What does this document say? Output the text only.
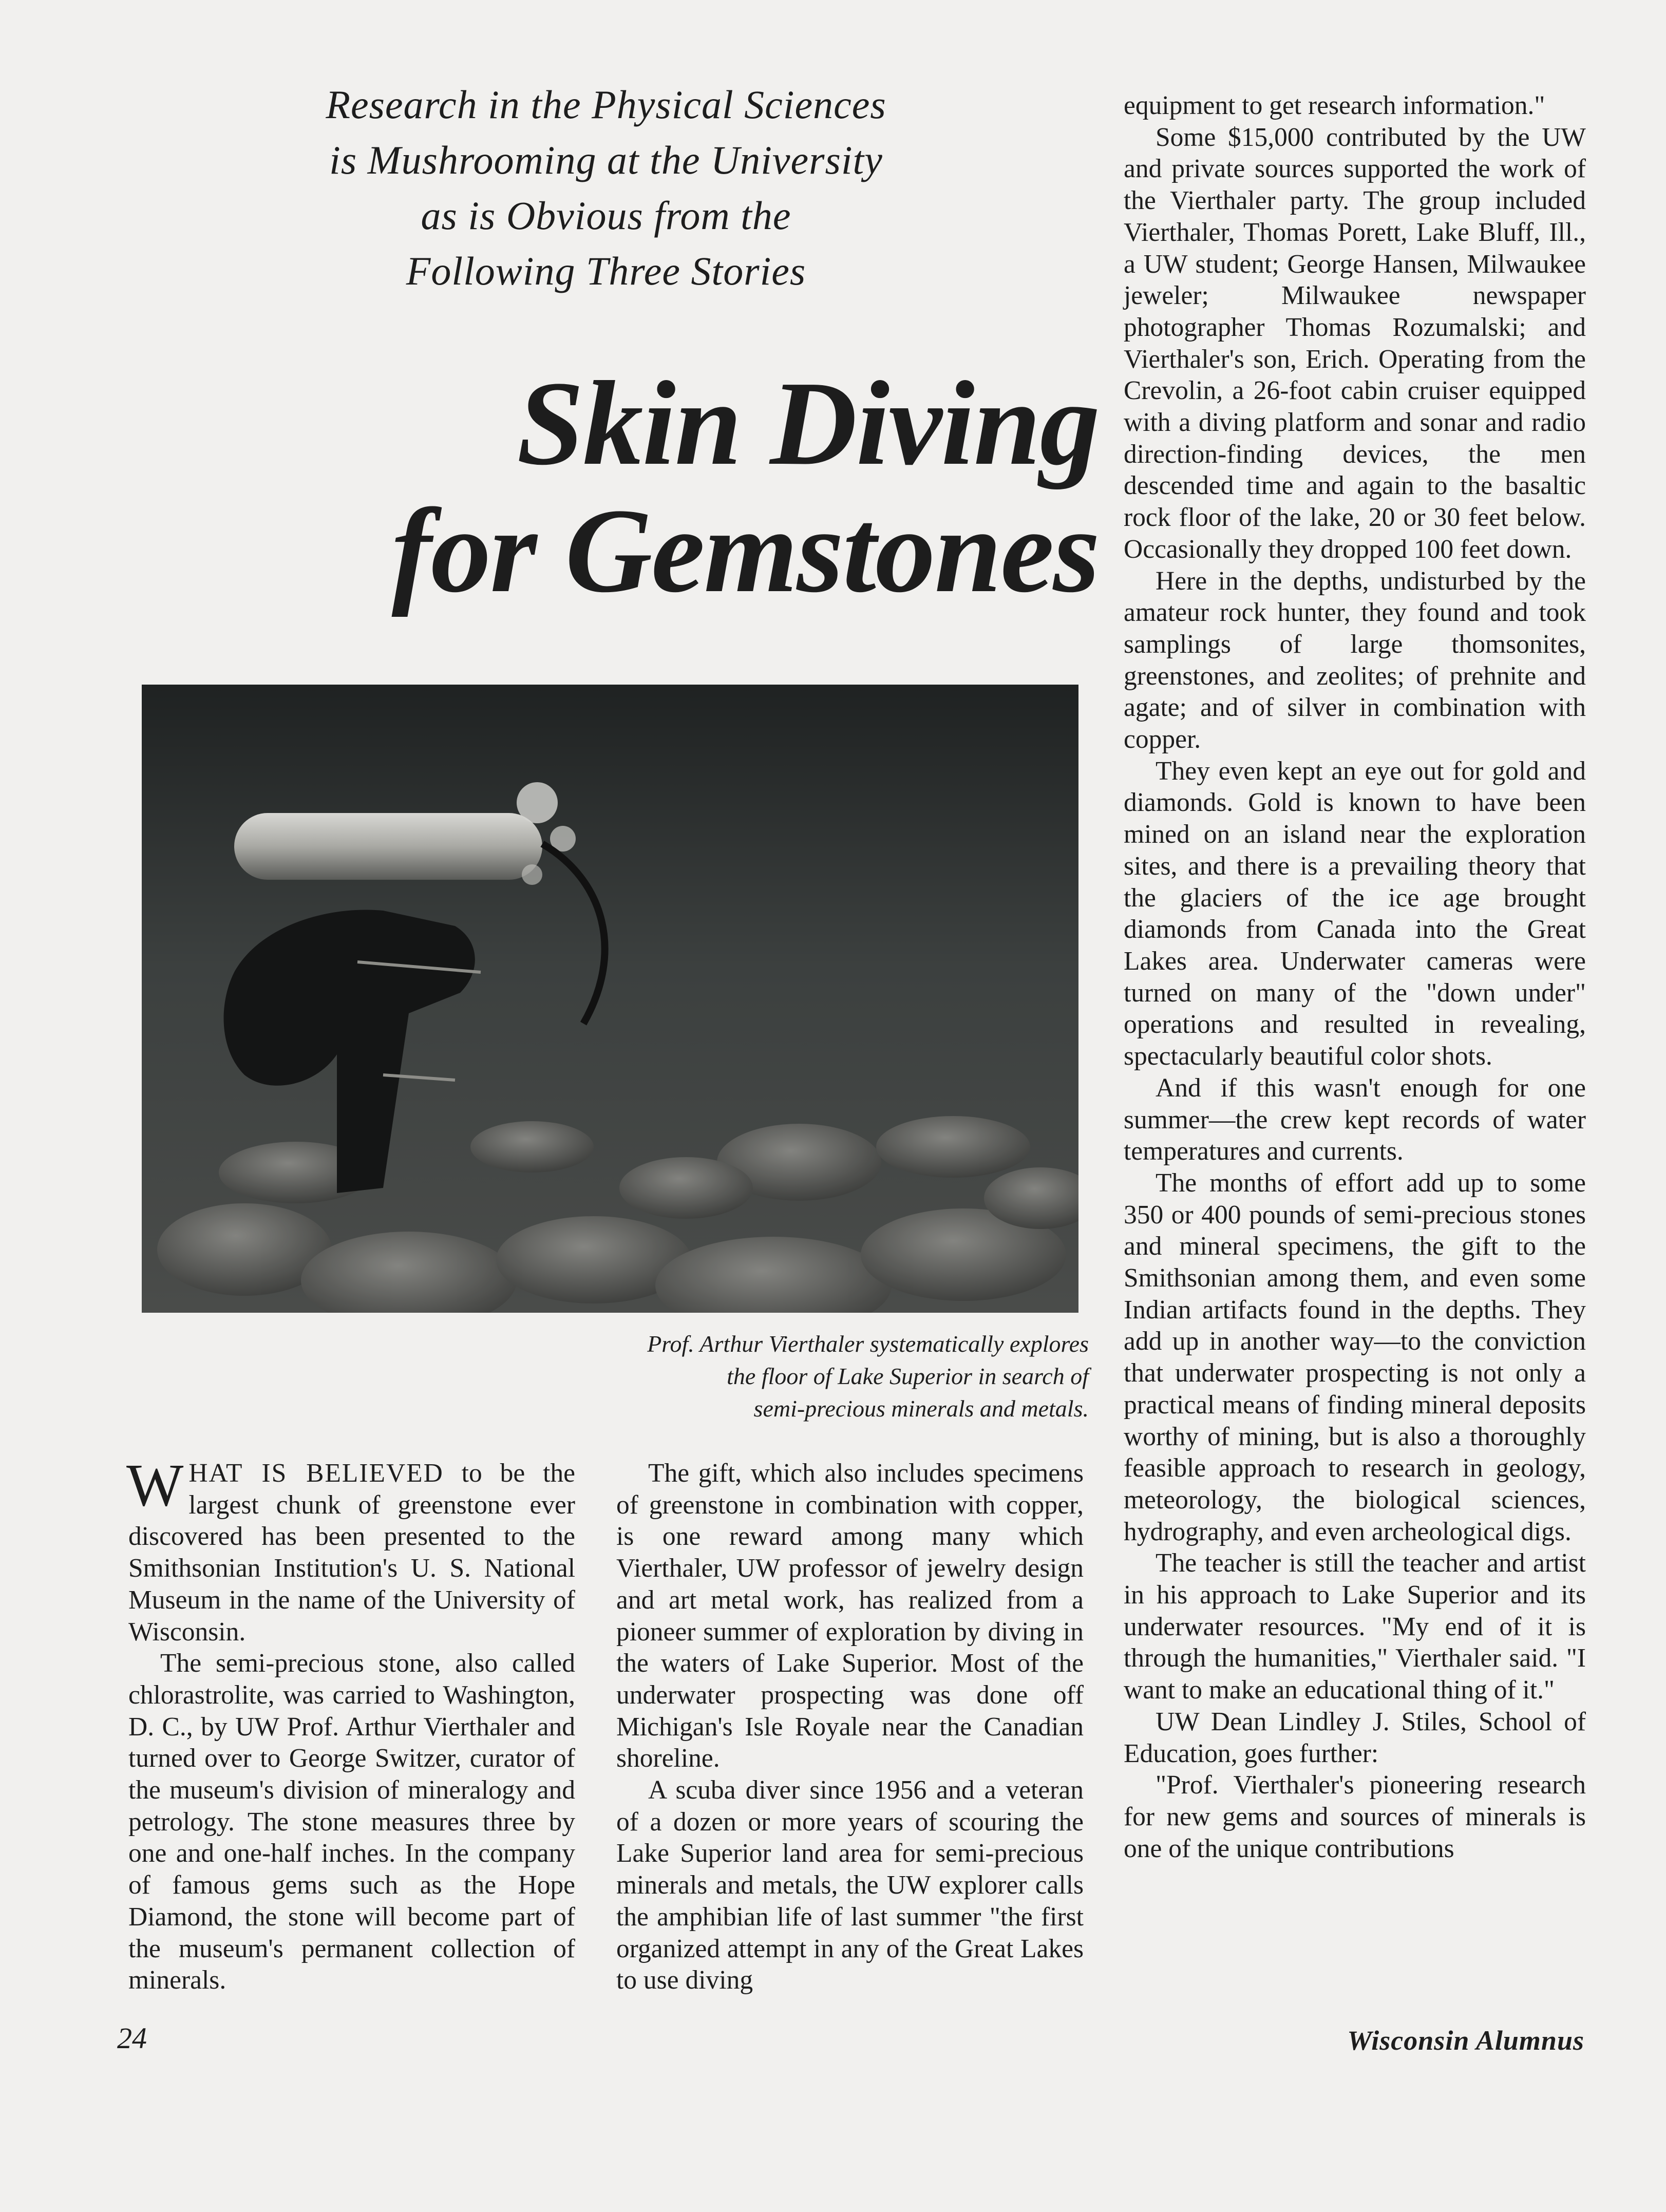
Research in the Physical Sciences
is Mushrooming at the University
as is Obvious from the
Following Three Stories
Skin Diving
for Gemstones
Prof. Arthur Vierthaler systematically explores
the floor of Lake Superior in search of
semi-precious minerals and metals.

WHAT IS BELIEVED to be the largest chunk of greenstone ever discovered has been presented to the Smithsonian Institution's U. S. National Museum in the name of the University of Wisconsin.

The semi-precious stone, also called chlorastrolite, was carried to Washington, D. C., by UW Prof. Arthur Vierthaler and turned over to George Switzer, curator of the museum's division of mineralogy and petrology. The stone measures three by one and one-half inches. In the company of famous gems such as the Hope Diamond, the stone will become part of the museum's permanent collection of minerals.

The gift, which also includes specimens of greenstone in combination with copper, is one reward among many which Vierthaler, UW professor of jewelry design and art metal work, has realized from a pioneer summer of exploration by diving in the waters of Lake Superior. Most of the underwater prospecting was done off Michigan's Isle Royale near the Canadian shoreline.

A scuba diver since 1956 and a veteran of a dozen or more years of scouring the Lake Superior land area for semi-precious minerals and metals, the UW explorer calls the amphibian life of last summer "the first organized attempt in any of the Great Lakes to use diving

equipment to get research information."

Some $15,000 contributed by the UW and private sources supported the work of the Vierthaler party. The group included Vierthaler, Thomas Porett, Lake Bluff, Ill., a UW student; George Hansen, Milwaukee jeweler; Milwaukee newspaper photographer Thomas Rozumalski; and Vierthaler's son, Erich. Operating from the Crevolin, a 26-foot cabin cruiser equipped with a diving platform and sonar and radio direction-finding devices, the men descended time and again to the basaltic rock floor of the lake, 20 or 30 feet below. Occasionally they dropped 100 feet down.

Here in the depths, undisturbed by the amateur rock hunter, they found and took samplings of large thomsonites, greenstones, and zeolites; of prehnite and agate; and of silver in combination with copper.

They even kept an eye out for gold and diamonds. Gold is known to have been mined on an island near the exploration sites, and there is a prevailing theory that the glaciers of the ice age brought diamonds from Canada into the Great Lakes area. Underwater cameras were turned on many of the "down under" operations and resulted in revealing, spectacularly beautiful color shots.

And if this wasn't enough for one summer—the crew kept records of water temperatures and currents.

The months of effort add up to some 350 or 400 pounds of semi-precious stones and mineral specimens, the gift to the Smithsonian among them, and even some Indian artifacts found in the depths. They add up in another way—to the conviction that underwater prospecting is not only a practical means of finding mineral deposits worthy of mining, but is also a thoroughly feasible approach to research in geology, meteorology, the biological sciences, hydrography, and even archeological digs.

The teacher is still the teacher and artist in his approach to Lake Superior and its underwater resources. "My end of it is through the humanities," Vierthaler said. "I want to make an educational thing of it."

UW Dean Lindley J. Stiles, School of Education, goes further:

"Prof. Vierthaler's pioneering research for new gems and sources of minerals is one of the unique contributions

24	Wisconsin Alumnus
